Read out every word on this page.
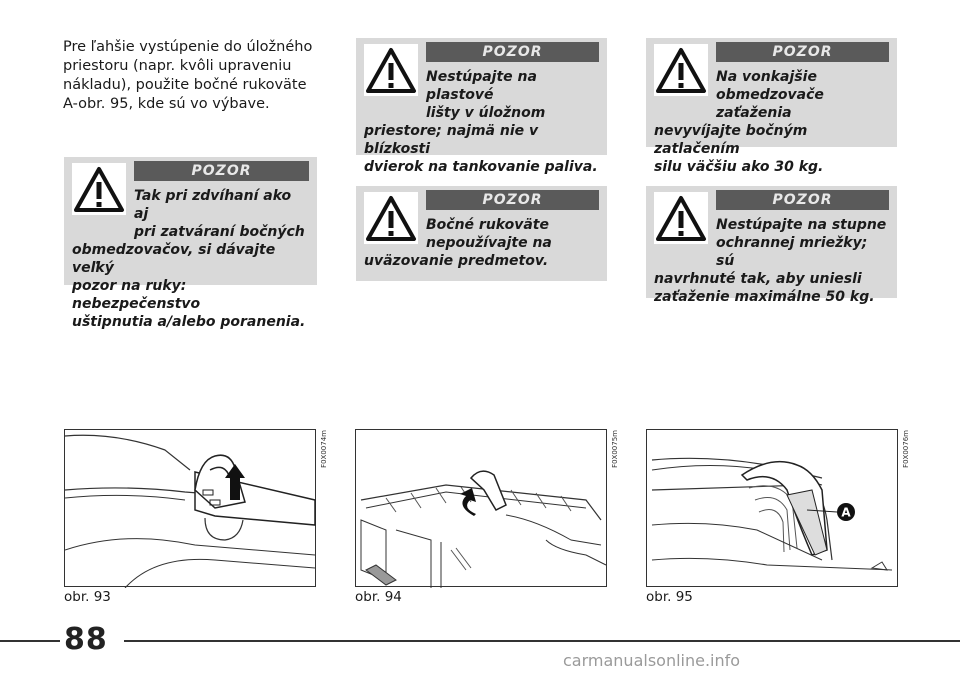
Pre ľahšie vystúpenie do úložného
priestoru (napr. kvôli upraveniu
nákladu), použite bočné rukoväte
A-obr. 95, kde sú vo výbave.

POZOR
Nestúpajte na plastové
lišty v úložnom
priestore; najmä nie v blízkosti
dvierok na tankovanie paliva.
POZOR
Na vonkajšie
obmedzovače zaťaženia
nevyvíjajte bočným zatlačením
silu väčšiu ako 30 kg.
POZOR
Tak pri zdvíhaní ako aj
pri zatváraní bočných
obmedzovačov, si dávajte veľký
pozor na ruky: nebezpečenstvo
uštipnutia a/alebo poranenia.
POZOR
Bočné rukoväte
nepoužívajte na
uväzovanie predmetov.
POZOR
Nestúpajte na stupne
ochrannej mriežky; sú
navrhnuté tak, aby uniesli
zaťaženie maximálne 50 kg.
F0X0074m
obr. 93
F0X0075m
obr. 94
A
F0X0076m
obr. 95
88
carmanualsonline.info
